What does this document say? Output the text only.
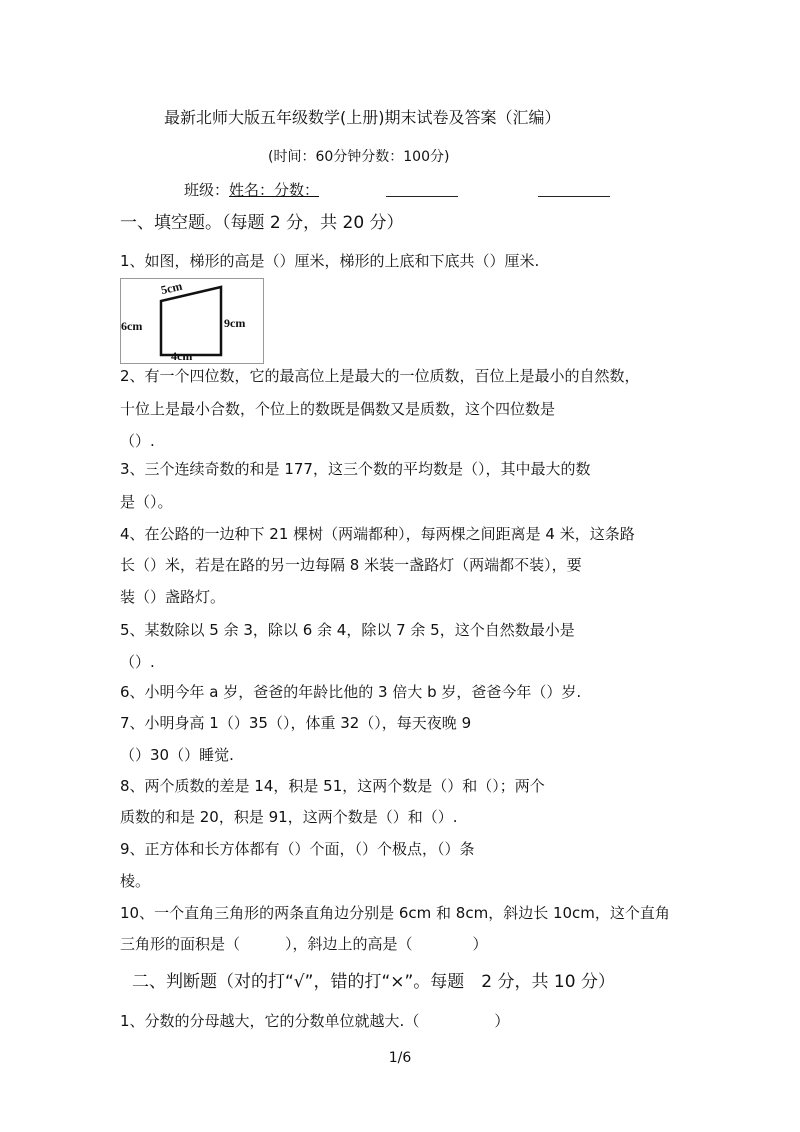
最新北师大版五年级数学(上册)期末试卷及答案（汇编）
(时间：60分钟分数：100分)
班级：姓名：分数：
一、填空题。（每题 2 分，共 20 分）
1、如图，梯形的高是（）厘米，梯形的上底和下底共（）厘米.
5cm
6cm	9cm
4cm
2、有一个四位数，它的最高位上是最大的一位质数，百位上是最小的自然数，
十位上是最小合数，个位上的数既是偶数又是质数，这个四位数是
（）.
3、三个连续奇数的和是 177，这三个数的平均数是（），其中最大的数
是（）。
4、在公路的一边种下 21 棵树（两端都种），每两棵之间距离是 4 米，这条路
长（）米，若是在路的另一边每隔 8 米装一盏路灯（两端都不装），要
装（）盏路灯。
5、某数除以 5 余 3，除以 6 余 4，除以 7 余 5，这个自然数最小是
（）.
6、小明今年 a 岁，爸爸的年龄比他的 3 倍大 b 岁，爸爸今年（）岁.
7、小明身高 1（）35（），体重 32（），每天夜晚 9
（）30（）睡觉.
8、两个质数的差是 14，积是 51，这两个数是（）和（）；两个
质数的和是 20，积是 91，这两个数是（）和（）.
9、正方体和长方体都有（）个面，（）个极点，（）条
棱。
10、一个直角三角形的两条直角边分别是 6cm 和 8cm，斜边长 10cm，这个直角
三角形的面积是（　　　），斜边上的高是（　　　　）
二、判断题（对的打“√”，错的打“×”。每题　2 分，共 10 分）
1、分数的分母越大，它的分数单位就越大.（　　　　　）
1/6
